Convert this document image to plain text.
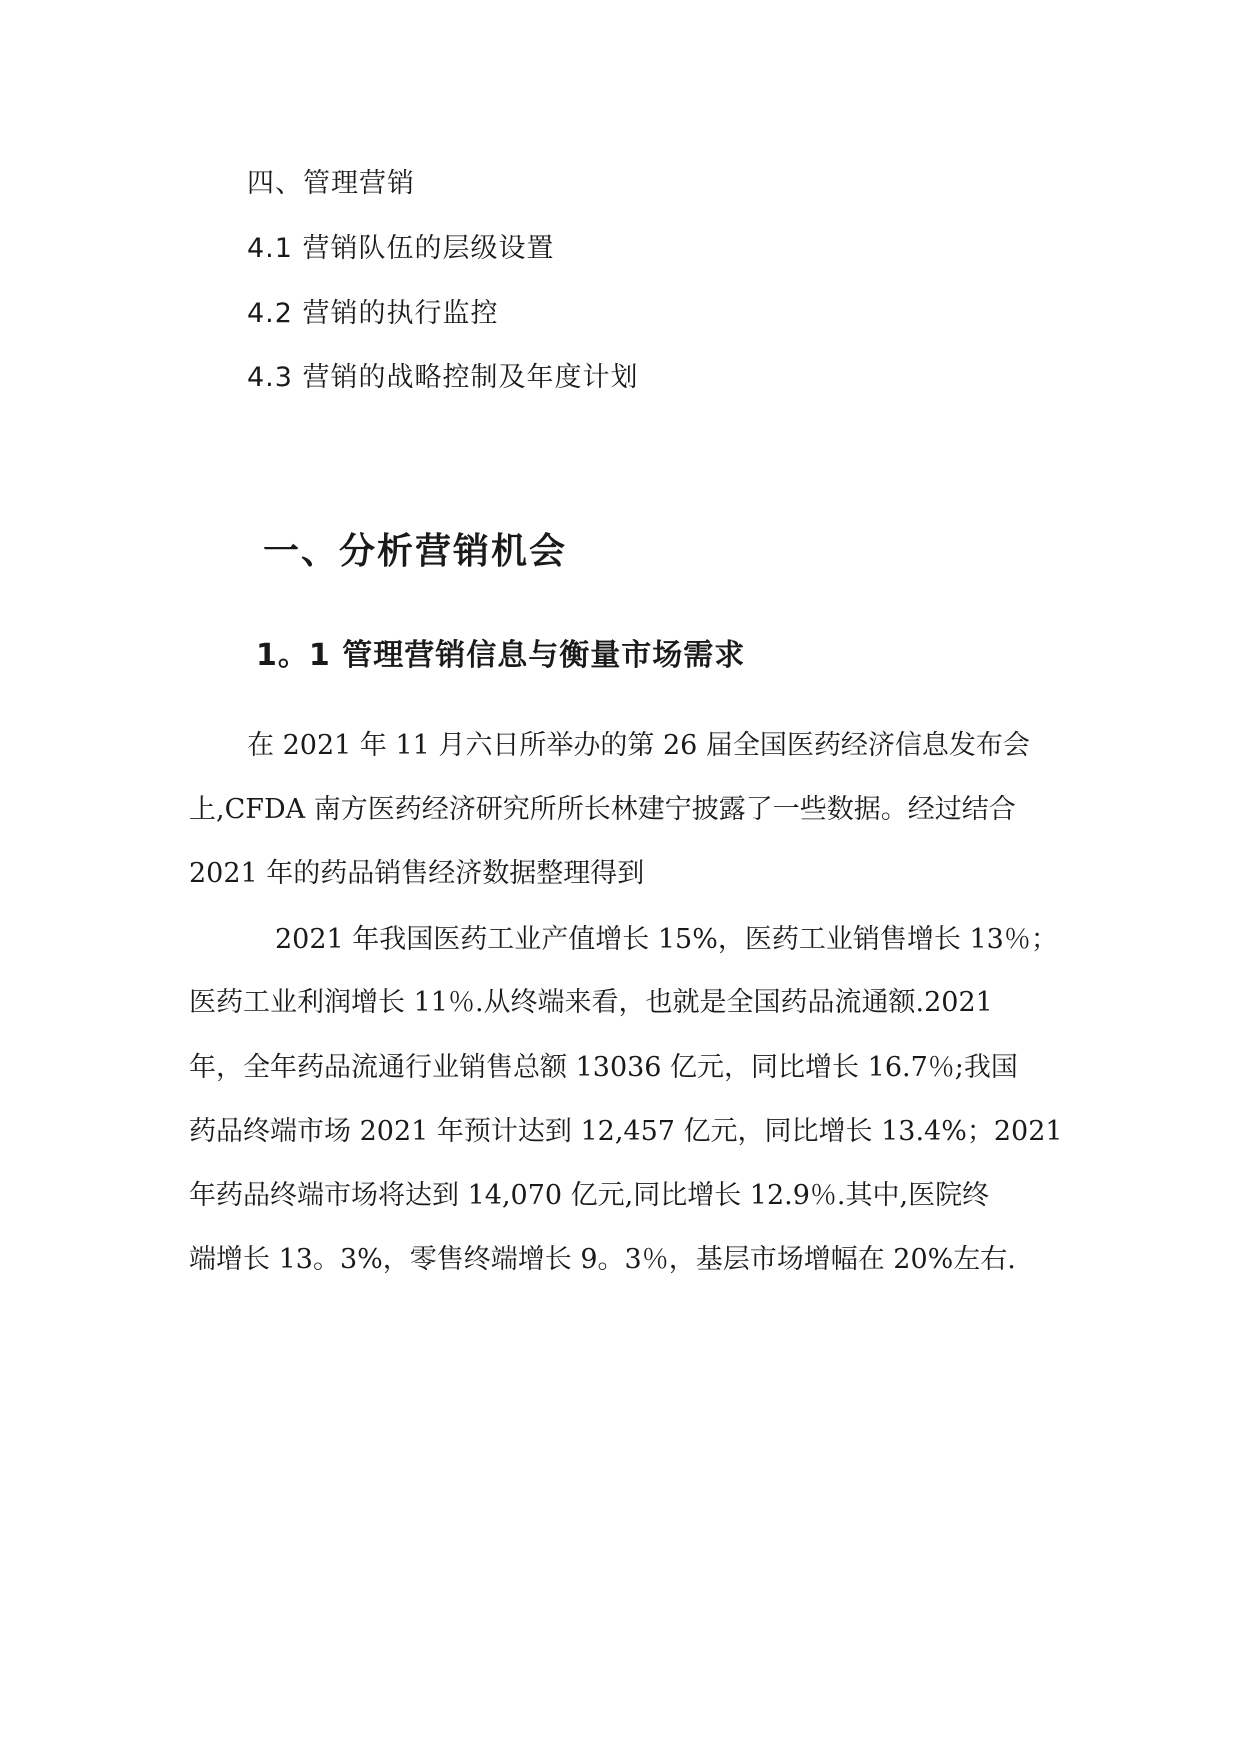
四、管理营销
4.1 营销队伍的层级设置
4.2 营销的执行监控
4.3 营销的战略控制及年度计划
一、分析营销机会
1。1 管理营销信息与衡量市场需求
在 2021 年 11 月六日所举办的第 26 届全国医药经济信息发布会
上,CFDA 南方医药经济研究所所长林建宁披露了一些数据。经过结合
2021 年的药品销售经济数据整理得到
2021 年我国医药工业产值增长 15%，医药工业销售增长 13％；
医药工业利润增长 11％.从终端来看，也就是全国药品流通额.2021
年，全年药品流通行业销售总额 13036 亿元，同比增长 16.7％;我国
药品终端市场 2021 年预计达到 12,457 亿元，同比增长 13.4%；2021
年药品终端市场将达到 14,070 亿元,同比增长 12.9％.其中,医院终
端增长 13。3%，零售终端增长 9。3％，基层市场增幅在 20%左右.
